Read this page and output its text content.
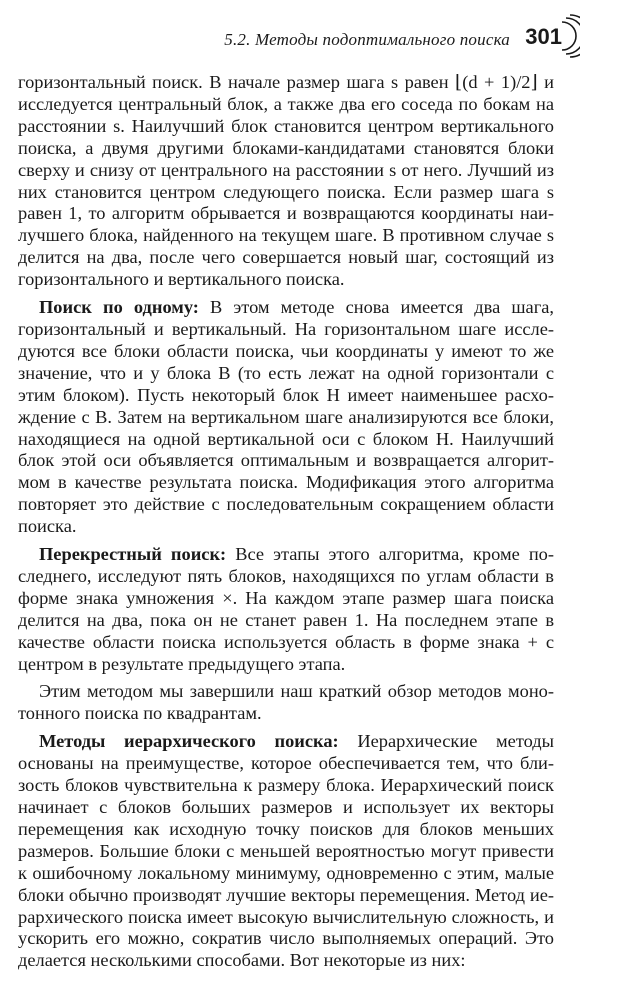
5.2. Методы подоптимального поиска 301

горизонтальный поиск. В начале размер шага s равен ⌊(d + 1)/2⌋ и исследуется центральный блок, а также два его соседа по бокам на расстоянии s. Наилучший блок становится центром вертикального поиска, а двумя другими блоками-кандидатами становятся блоки сверху и снизу от центрального на расстоянии s от него. Лучший из них становится центром следующего поиска. Если размер шага s равен 1, то алгоритм обрывается и возвращаются координаты наилучшего блока, найденного на текущем шаге. В противном случае s делится на два, после чего совершается новый шаг, состоящий из горизонтального и вертикального поиска.

Поиск по одному: В этом методе снова имеется два шага, горизонтальный и вертикальный. На горизонтальном шаге исследуются все блоки области поиска, чьи координаты y имеют то же значение, что и у блока B (то есть лежат на одной горизонтали с этим блоком). Пусть некоторый блок H имеет наименьшее расхождение с B. Затем на вертикальном шаге анализируются все блоки, находящиеся на одной вертикальной оси с блоком H. Наилучший блок этой оси объявляется оптимальным и возвращается алгоритмом в качестве результата поиска. Модификация этого алгоритма повторяет это действие с последовательным сокращением области поиска.

Перекрестный поиск: Все этапы этого алгоритма, кроме последнего, исследуют пять блоков, находящихся по углам области в форме знака умножения ×. На каждом этапе размер шага поиска делится на два, пока он не станет равен 1. На последнем этапе в качестве области поиска используется область в форме знака + с центром в результате предыдущего этапа.

Этим методом мы завершили наш краткий обзор методов монотонного поиска по квадрантам.

Методы иерархического поиска: Иерархические методы основаны на преимуществе, которое обеспечивается тем, что близость блоков чувствительна к размеру блока. Иерархический поиск начинает с блоков больших размеров и использует их векторы перемещения как исходную точку поисков для блоков меньших размеров. Большие блоки с меньшей вероятностью могут привести к ошибочному локальному минимуму, одновременно с этим, малые блоки обычно производят лучшие векторы перемещения. Метод иерархического поиска имеет высокую вычислительную сложность, и ускорить его можно, сократив число выполняемых операций. Это делается несколькими способами. Вот некоторые из них:
